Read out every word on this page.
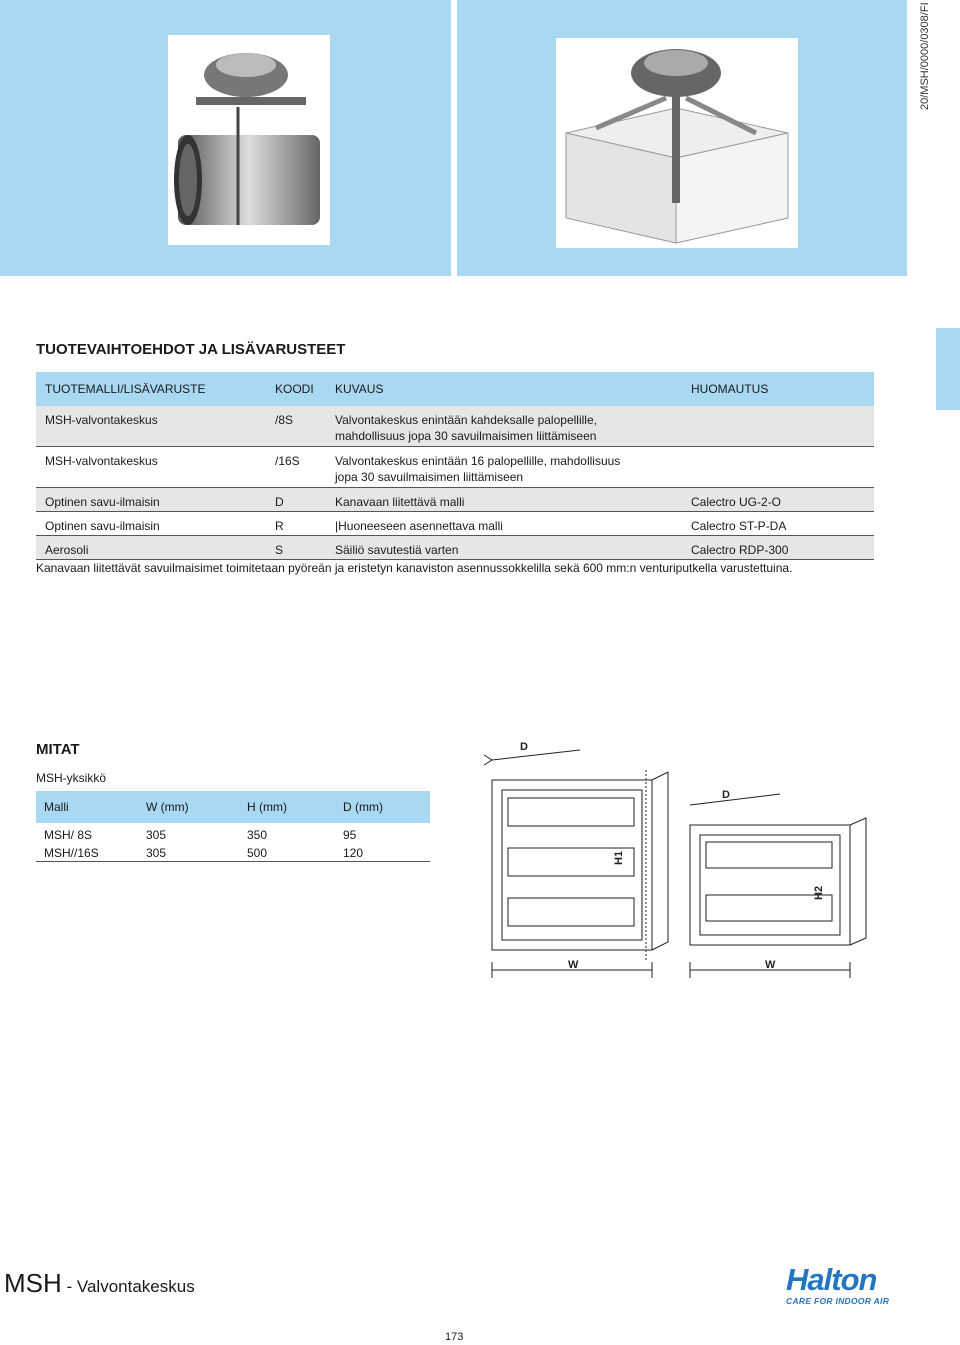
20/MSH/0000/0308/FI
TUOTEVAIHTOEHDOT JA LISÄVARUSTEET
TUOTEMALLI/LISÄVARUSTE	KOODI KUVAUS	HUOMAUTUS
MSH-valvontakeskus	/8S	Valvontakeskus enintään kahdeksalle palopellille,
mahdollisuus jopa 30 savuilmaisimen liittämiseen
MSH-valvontakeskus	/16S	Valvontakeskus enintään 16 palopellille, mahdollisuus
jopa 30 savuilmaisimen liittämiseen
Optinen savu-ilmaisin	D	Kanavaan liitettävä malli	Calectro UG-2-O
Optinen savu-ilmaisin	R	|Huoneeseen asennettava malli	Calectro ST-P-DA
Aerosoli	S	Säiliö savutestiä varten	Calectro RDP-300
Kanavaan liitettävät savuilmaisimet toimitetaan pyöreän ja eristetyn kanaviston asennussokkelilla sekä 600 mm:n venturiputkella varustettuina.
MITAT
MSH-yksikkö
Malli	W (mm)	H (mm)	D (mm)
MSH/ 8S	305	350	95
MSH//16S	305	500	120
D
H1
W
D
H2
W
MSH - Valvontakeskus	Halton
CARE FOR INDOOR AIR
173
